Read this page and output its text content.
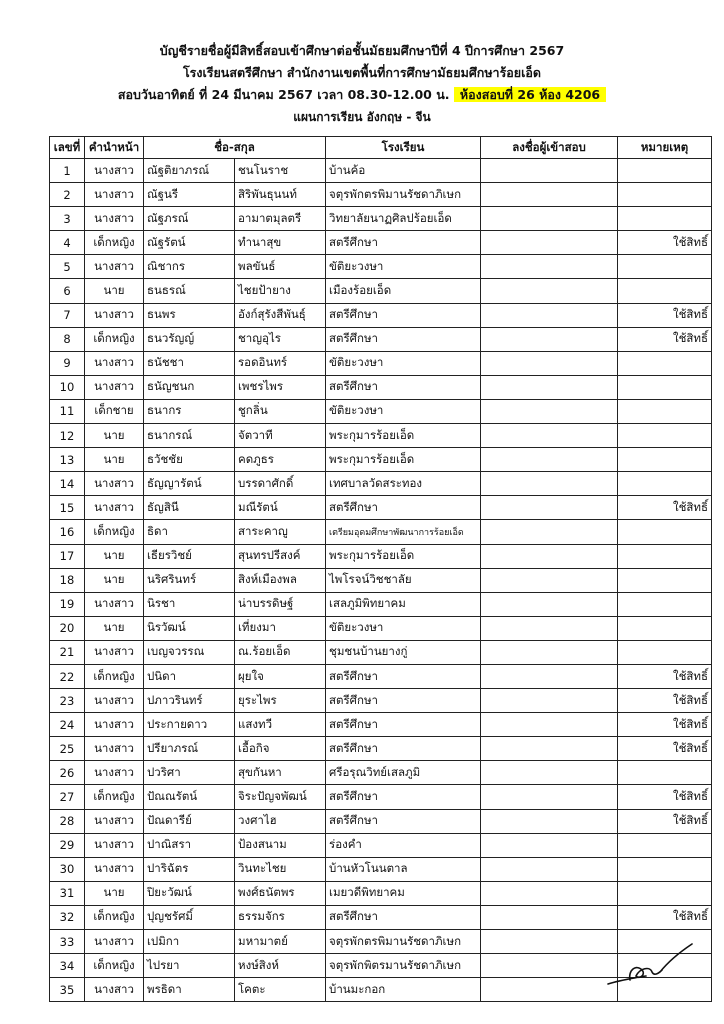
บัญชีรายชื่อผู้มีสิทธิ์สอบเข้าศึกษาต่อชั้นมัธยมศึกษาปีที่ 4 ปีการศึกษา 2567
โรงเรียนสตรีศึกษา สำนักงานเขตพื้นที่การศึกษามัธยมศึกษาร้อยเอ็ด
สอบวันอาทิตย์ ที่ 24 มีนาคม 2567 เวลา 08.30-12.00 น. ห้องสอบที่ 26 ห้อง 4206
แผนการเรียน อังกฤษ - จีน
เลขที่	คำนำหน้า	ชื่อ-สกุล		โรงเรียน	ลงชื่อผู้เข้าสอบ	หมายเหตุ
1	นางสาว	ณัฐติยาภรณ์	ชนโนราช	บ้านค้อ		
2	นางสาว	ณัฐนรี	สิริพันธุนนท์	จตุรพักตรพิมานรัชดาภิเษก		
3	นางสาว	ณัฐภรณ์	อามาตมุลตรี	วิทยาลัยนาฏศิลปร้อยเอ็ด		
4	เด็กหญิง	ณัฐรัตน์	ทำนาสุข	สตรีศึกษา		ใช้สิทธิ์
5	นางสาว	ณิชากร	พลขันธ์	ขัติยะวงษา		
6	นาย	ธนธรณ์	ไชยป้ายาง	เมืองร้อยเอ็ด		
7	นางสาว	ธนพร	อังก์สุรังสีพันธุ์	สตรีศึกษา		ใช้สิทธิ์
8	เด็กหญิง	ธนวรัญญ์	ชาญอุไร	สตรีศึกษา		ใช้สิทธิ์
9	นางสาว	ธนัชชา	รอดอินทร์	ขัติยะวงษา		
10	นางสาว	ธนัญชนก	เพชรไพร	สตรีศึกษา		
11	เด็กชาย	ธนากร	ชูกลิ่น	ขัติยะวงษา		
12	นาย	ธนากรณ์	จัตวาที	พระกุมารร้อยเอ็ด		
13	นาย	ธวัชชัย	คดภูธร	พระกุมารร้อยเอ็ด		
14	นางสาว	ธัญญารัตน์	บรรดาศักดิ์	เทศบาลวัดสระทอง		
15	นางสาว	ธัญสินี	มณีรัตน์	สตรีศึกษา		ใช้สิทธิ์
16	เด็กหญิง	ธิดา	สาระคาญู	เตรียมอุดมศึกษาพัฒนาการร้อยเอ็ด		
17	นาย	เธียรวิชย์	สุนทรปรีสงค์	พระกุมารร้อยเอ็ด		
18	นาย	นริศรินทร์	สิงห์เมืองพล	ไพโรจน์วิชชาลัย		
19	นางสาว	นิรชา	น่าบรรดิษฐ์	เสลภูมิพิทยาคม		
20	นาย	นิรวัฒน์	เที่ยงมา	ขัติยะวงษา		
21	นางสาว	เบญจวรรณ	ณ.ร้อยเอ็ด	ชุมชนบ้านยางกู่		
22	เด็กหญิง	ปนิดา	ผุยใจ	สตรีศึกษา		ใช้สิทธิ์
23	นางสาว	ปภาวรินทร์	ยุระไพร	สตรีศึกษา		ใช้สิทธิ์
24	นางสาว	ประกายดาว	แสงทวี	สตรีศึกษา		ใช้สิทธิ์
25	นางสาว	ปรียาภรณ์	เอื้อกิจ	สตรีศึกษา		ใช้สิทธิ์
26	นางสาว	ปวริศา	สุขกันหา	ศรีอรุณวิทย์เสลภูมิ		
27	เด็กหญิง	ปัณณรัตน์	จิระปัญจพัฒน์	สตรีศึกษา		ใช้สิทธิ์
28	นางสาว	ปัณดารีย์	วงศาไฮ	สตรีศึกษา		ใช้สิทธิ์
29	นางสาว	ปาณิสรา	ป้องสนาม	ร่องคำ		
30	นางสาว	ปาริฉัตร	วินทะไชย	บ้านหัวโนนตาล		
31	นาย	ปิยะวัฒน์	พงศ์ธนัตพร	เมยวดีพิทยาคม		
32	เด็กหญิง	ปุญชรัศมิ์	ธรรมจักร	สตรีศึกษา		ใช้สิทธิ์
33	นางสาว	เปมิกา	มหามาตย์	จตุรพักตรพิมานรัชดาภิเษก		
34	เด็กหญิง	ไปรยา	หงษ์สิงห์	จตุรพักพิตรมานรัชดาภิเษก		
35	นางสาว	พรธิดา	โคตะ	บ้านมะกอก		
